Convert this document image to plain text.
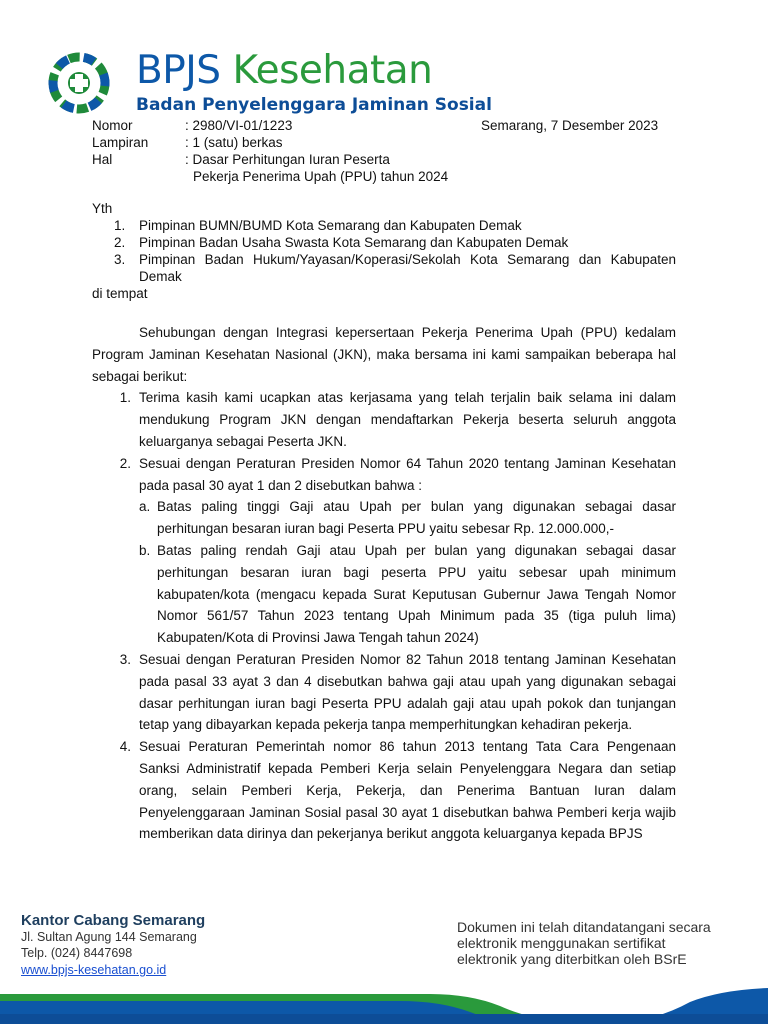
BPJS Kesehatan
Badan Penyelenggara Jaminan Sosial
Nomor	: 2980/VI-01/1223
Lampiran	: 1 (satu) berkas
Hal	: Dasar Perhitungan Iuran Peserta
Pekerja Penerima Upah (PPU) tahun 2024
Semarang, 7 Desember 2023
Yth
1.	Pimpinan BUMN/BUMD Kota Semarang dan Kabupaten Demak
2.	Pimpinan Badan Usaha Swasta Kota Semarang dan Kabupaten Demak
3.	Pimpinan Badan Hukum/Yayasan/Koperasi/Sekolah Kota Semarang dan Kabupaten
Demak
di tempat

Sehubungan dengan Integrasi kepersertaan Pekerja Penerima Upah (PPU) kedalam Program Jaminan Kesehatan Nasional (JKN), maka bersama ini kami sampaikan beberapa hal sebagai berikut:

1. Terima kasih kami ucapkan atas kerjasama yang telah terjalin baik selama ini dalam mendukung Program JKN dengan mendaftarkan Pekerja beserta seluruh anggota keluarganya sebagai Peserta JKN.
2. Sesuai dengan Peraturan Presiden Nomor 64 Tahun 2020 tentang Jaminan Kesehatan pada pasal 30 ayat 1 dan 2 disebutkan bahwa :
a. Batas paling tinggi Gaji atau Upah per bulan yang digunakan sebagai dasar perhitungan besaran iuran bagi Peserta PPU yaitu sebesar Rp. 12.000.000,-
b. Batas paling rendah Gaji atau Upah per bulan yang digunakan sebagai dasar perhitungan besaran iuran bagi peserta PPU yaitu sebesar upah minimum kabupaten/kota (mengacu kepada Surat Keputusan Gubernur Jawa Tengah Nomor Nomor 561/57 Tahun 2023 tentang Upah Minimum pada 35 (tiga puluh lima) Kabupaten/Kota di Provinsi Jawa Tengah tahun 2024)
3. Sesuai dengan Peraturan Presiden Nomor 82 Tahun 2018 tentang Jaminan Kesehatan pada pasal 33 ayat 3 dan 4 disebutkan bahwa gaji atau upah yang digunakan sebagai dasar perhitungan iuran bagi Peserta PPU adalah gaji atau upah pokok dan tunjangan tetap yang dibayarkan kepada pekerja tanpa memperhitungkan kehadiran pekerja.
4. Sesuai Peraturan Pemerintah nomor 86 tahun 2013 tentang Tata Cara Pengenaan Sanksi Administratif kepada Pemberi Kerja selain Penyelenggara Negara dan setiap orang, selain Pemberi Kerja, Pekerja, dan Penerima Bantuan Iuran dalam Penyelenggaraan Jaminan Sosial pasal 30 ayat 1 disebutkan bahwa Pemberi kerja wajib memberikan data dirinya dan pekerjanya berikut anggota keluarganya kepada BPJS
Kantor Cabang Semarang
Jl. Sultan Agung 144 Semarang
Telp. (024) 8447698
www.bpjs-kesehatan.go.id
Dokumen ini telah ditandatangani secara
elektronik menggunakan sertifikat
elektronik yang diterbitkan oleh BSrE
